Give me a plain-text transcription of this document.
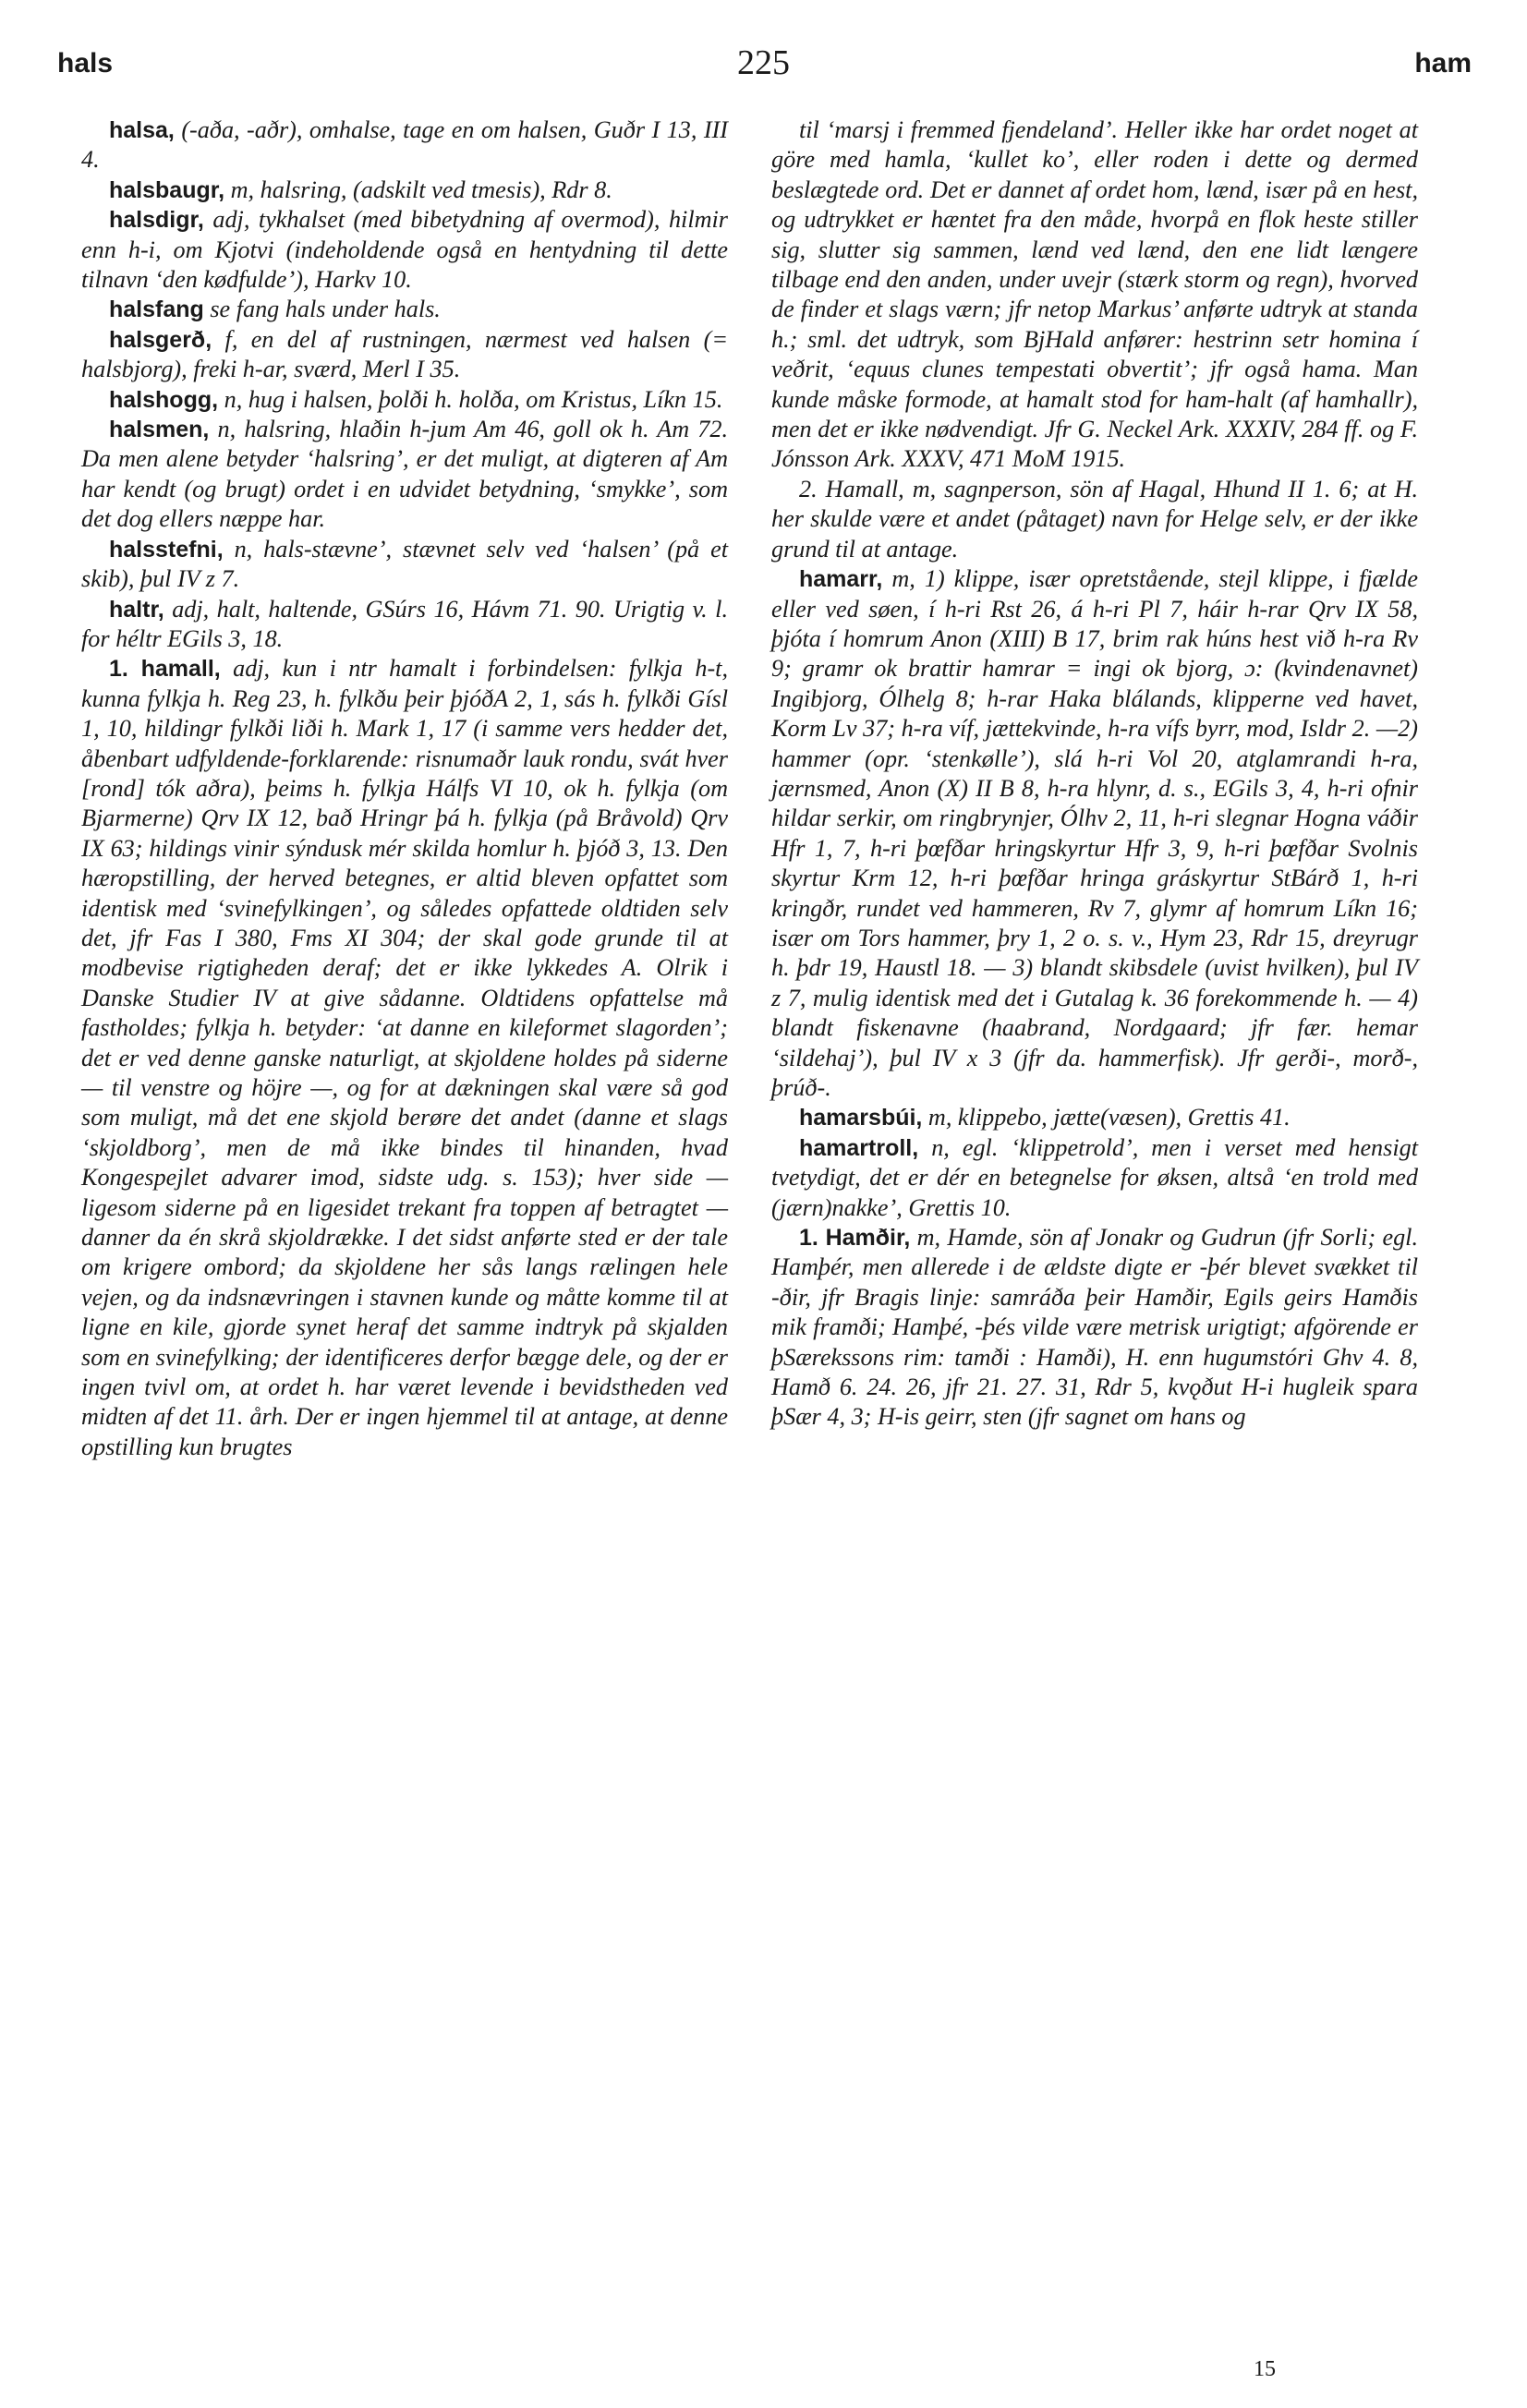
hals	225	ham

halsa, (-aða, -aðr), omhalse, tage en om halsen, Guðr I 13, III 4.

halsbaugr, m, halsring, (adskilt ved tmesis), Rdr 8.

halsdigr, adj, tykhalset (med bibetydning af overmod), hilmir enn h-i, om Kjotvi (indeholdende også en hentydning til dette tilnavn ‘den kødfulde’), Harkv 10.

halsfang se fang hals under hals.

halsgerð, f, en del af rustningen, nærmest ved halsen (= halsbjorg), freki h-ar, sværd, Merl I 35.

halshogg, n, hug i halsen, þolði h. holða, om Kristus, Líkn 15.

halsmen, n, halsring, hlaðin h-jum Am 46, goll ok h. Am 72. Da men alene betyder ‘halsring’, er det muligt, at digteren af Am har kendt (og brugt) ordet i en udvidet betydning, ‘smykke’, som det dog ellers næppe har.

halsstefni, n, hals-stævne’, stævnet selv ved ‘halsen’ (på et skib), þul IV z 7.

haltr, adj, halt, haltende, GSúrs 16, Hávm 71. 90. Urigtig v. l. for héltr EGils 3, 18.

1. hamall, adj, kun i ntr hamalt i forbindelsen: fylkja h-t, kunna fylkja h. Reg 23, h. fylkðu þeir þjóðA 2, 1, sás h. fylkði Gísl 1, 10, hildingr fylkði liði h. Mark 1, 17 (i samme vers hedder det, åbenbart udfyldende-forklarende: risnumaðr lauk rondu, svát hver [rond] tók aðra), þeims h. fylkja Hálfs VI 10, ok h. fylkja (om Bjarmerne) Qrv IX 12, bað Hringr þá h. fylkja (på Bråvold) Qrv IX 63; hildings vinir sýndusk mér skilda homlur h. þjóð 3, 13. Den hæropstilling, der herved betegnes, er altid bleven opfattet som identisk med ‘svinefylkingen’, og således opfattede oldtiden selv det, jfr Fas I 380, Fms XI 304; der skal gode grunde til at modbevise rigtigheden deraf; det er ikke lykkedes A. Olrik i Danske Studier IV at give sådanne. Oldtidens opfattelse må fastholdes; fylkja h. betyder: ‘at danne en kileformet slagorden’; det er ved denne ganske naturligt, at skjoldene holdes på siderne — til venstre og höjre —, og for at dækningen skal være så god som muligt, må det ene skjold berøre det andet (danne et slags ‘skjoldborg’, men de må ikke bindes til hinanden, hvad Kongespejlet advarer imod, sidste udg. s. 153); hver side — ligesom siderne på en ligesidet trekant fra toppen af betragtet — danner da én skrå skjoldrække. I det sidst anførte sted er der tale om krigere ombord; da skjoldene her sås langs rælingen hele vejen, og da indsnævringen i stavnen kunde og måtte komme til at ligne en kile, gjorde synet heraf det samme indtryk på skjalden som en svinefylking; der identificeres derfor bægge dele, og der er ingen tvivl om, at ordet h. har været levende i bevidstheden ved midten af det 11. årh. Der er ingen hjemmel til at antage, at denne opstilling kun brugtes

til ‘marsj i fremmed fjendeland’. Heller ikke har ordet noget at göre med hamla, ‘kullet ko’, eller roden i dette og dermed beslægtede ord. Det er dannet af ordet hom, lænd, især på en hest, og udtrykket er hæntet fra den måde, hvorpå en flok heste stiller sig, slutter sig sammen, lænd ved lænd, den ene lidt længere tilbage end den anden, under uvejr (stærk storm og regn), hvorved de finder et slags værn; jfr netop Markus’ anførte udtryk at standa h.; sml. det udtryk, som BjHald anfører: hestrinn setr homina í veðrit, ‘equus clunes tempestati obvertit’; jfr også hama. Man kunde måske formode, at hamalt stod for ham-halt (af hamhallr), men det er ikke nødvendigt. Jfr G. Neckel Ark. XXXIV, 284 ff. og F. Jónsson Ark. XXXV, 471 MoM 1915.

2. Hamall, m, sagnperson, sön af Hagal, Hhund II 1. 6; at H. her skulde være et andet (påtaget) navn for Helge selv, er der ikke grund til at antage.

hamarr, m, 1) klippe, især opretstående, stejl klippe, i fjælde eller ved søen, í h-ri Rst 26, á h-ri Pl 7, háir h-rar Qrv IX 58, þjóta í homrum Anon (XIII) B 17, brim rak húns hest við h-ra Rv 9; gramr ok brattir hamrar = ingi ok bjorg, ɔ: (kvindenavnet) Ingibjorg, Ólhelg 8; h-rar Haka blálands, klipperne ved havet, Korm Lv 37; h-ra víf, jættekvinde, h-ra vífs byrr, mod, Isldr 2. —2) hammer (opr. ‘stenkølle’), slá h-ri Vol 20, atglamrandi h-ra, jærnsmed, Anon (X) II B 8, h-ra hlynr, d. s., EGils 3, 4, h-ri ofnir hildar serkir, om ringbrynjer, Ólhv 2, 11, h-ri slegnar Hogna váðir Hfr 1, 7, h-ri þœfðar hringskyrtur Hfr 3, 9, h-ri þœfðar Svolnis skyrtur Krm 12, h-ri þœfðar hringa gráskyrtur StBárð 1, h-ri kringðr, rundet ved hammeren, Rv 7, glymr af homrum Líkn 16; især om Tors hammer, þry 1, 2 o. s. v., Hym 23, Rdr 15, dreyrugr h. þdr 19, Haustl 18. — 3) blandt skibsdele (uvist hvilken), þul IV z 7, mulig identisk med det i Gutalag k. 36 forekommende h. — 4) blandt fiskenavne (haabrand, Nordgaard; jfr fær. hemar ‘sildehaj’), þul IV x 3 (jfr da. hammerfisk). Jfr gerði-, morð-, þrúð-.

hamarsbúi, m, klippebo, jætte(væsen), Grettis 41.

hamartroll, n, egl. ‘klippetrold’, men i verset med hensigt tvetydigt, det er dér en betegnelse for øksen, altså ‘en trold med (jærn)nakke’, Grettis 10.

1. Hamðir, m, Hamde, sön af Jonakr og Gudrun (jfr Sorli; egl. Hamþér, men allerede i de ældste digte er -þér blevet svækket til -ðir, jfr Bragis linje: samráða þeir Hamðir, Egils geirs Hamðis mik framði; Hamþé, -þés vilde være metrisk urigtigt; afgörende er þSærekssons rim: tamði : Hamði), H. enn hugumstóri Ghv 4. 8, Hamð 6. 24. 26, jfr 21. 27. 31, Rdr 5, kvǫðut H-i hugleik spara þSær 4, 3; H-is geirr, sten (jfr sagnet om hans og

15
